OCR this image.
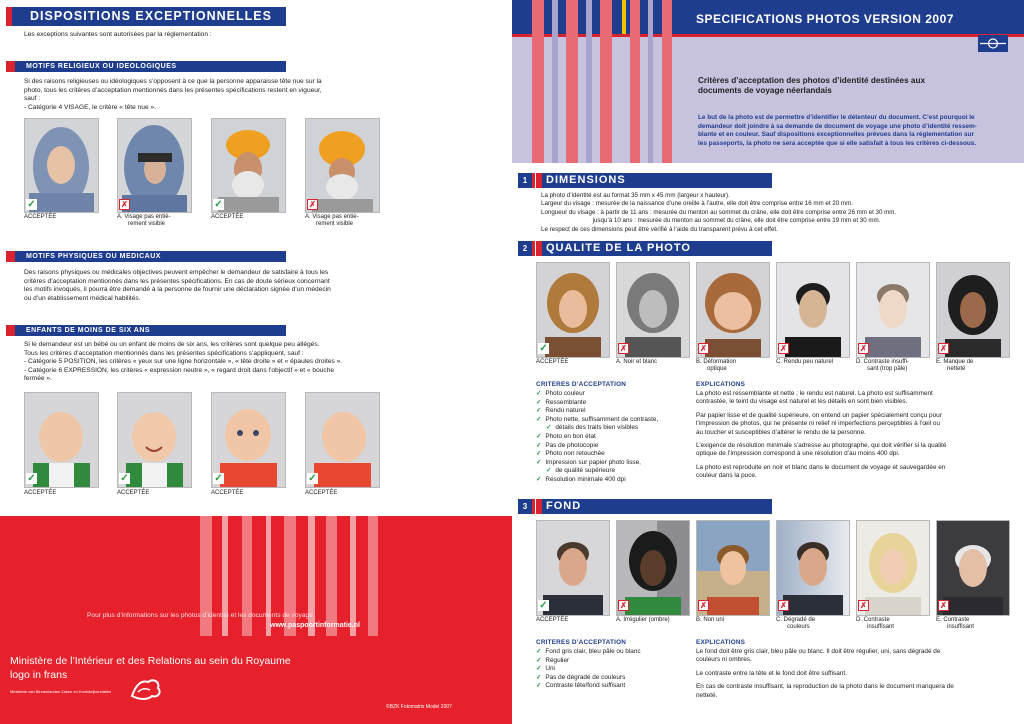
DISPOSITIONS EXCEPTIONNELLES
Les exceptions suivantes sont autorisées par la réglementation :
MOTIFS RELIGIEUX OU IDEOLOGIQUES
Si des raisons religieuses ou idéologiques s’opposent à ce que la personne apparaisse tête nue sur la
photo, tous les critères d’acceptation mentionnés dans les présentes spécifications restent en vigueur,
sauf :
- Catégorie 4 VISAGE, le critère « tête nue ».
✓
ACCEPTÉE
✗
A. Visage pas entiè-
rement visible
✓
ACCEPTÉE
✗
A. Visage pas entiè-
rement visible
MOTIFS PHYSIQUES OU MEDICAUX
Des raisons physiques ou médicales objectives peuvent empêcher le demandeur de satisfaire à tous les
critères d’acceptation mentionnés dans les présentes spécifications. En cas de doute sérieux concernant
les motifs invoqués, il pourra être demandé à la personne de fournir une déclaration signée d’un médecin
ou d’un établissement médical habilités.
ENFANTS DE MOINS DE SIX ANS
Si le demandeur est un bébé ou un enfant de moins de six ans, les critères sont quelque peu allégés.
Tous les critères d’acceptation mentionnés dans les présentes spécifications s’appliquent, sauf :
- Catégorie 5 POSITION, les critères « yeux sur une ligne horizontale », « tête droite » et « épaules droites ».
- Catégorie 6 EXPRESSION, les critères « expression neutre », « regard droit dans l’objectif » et « bouche
fermée ».
✓
ACCEPTÉE
✓
ACCEPTÉE
✓
ACCEPTÉE
✓
ACCEPTÉE
Pour plus d’informations sur les photos d’identité et les documents de voyage
www.paspoortinformatie.nl
Ministère de l’Intérieur et des Relations au sein du Royaume
logo in frans
Ministerie van Binnenlandse Zaken en Koninkrijksrelaties
©BZK Fotomatrix Model 2007
SPECIFICATIONS PHOTOS VERSION 2007
Critères d’acceptation des photos d’identité destinées aux
documents de voyage néerlandais
Le but de la photo est de permettre d’identifier le détenteur du document. C’est pourquoi le
demandeur doit joindre à sa demande de document de voyage une photo d’identité ressem-
blante et en couleur. Sauf dispositions exceptionnelles prévues dans la réglementation sur
les passeports, la photo ne sera acceptée que si elle satisfait à tous les critères ci-dessous.
1	DIMENSIONS
La photo d’identité est au format 35 mm x 45 mm (largeur x hauteur).
Largeur du visage : mesurée de la naissance d’une oreille à l’autre, elle doit être comprise entre 16 mm et 20 mm.
Longueur du visage : à partir de 11 ans : mesurée du menton au sommet du crâne, elle doit être comprise entre 26 mm et 30 mm.
jusqu’à 10 ans : mesurée du menton au sommet du crâne, elle doit être comprise entre 19 mm et 30 mm.
Le respect de ces dimensions peut être vérifié à l’aide du transparent prévu à cet effet.
2	QUALITE DE LA PHOTO
✓
ACCEPTÉE
✗
A. Noir et blanc
✗
B. Déformation
optique
✗
C. Rendu peu naturel
✗
D. Contraste insuffi-
sant (trop pâle)
✗
E. Manque de
netteté
CRITERES D’ACCEPTATION
✓ Photo couleur
✓ Ressemblante
✓ Rendu naturel
✓ Photo nette, suffisamment de contraste,
✓ détails des traits bien visibles
✓ Photo en bon état
✓ Pas de photocopie
✓ Photo non retouchée
✓ Impression sur papier photo lisse,
✓ de qualité supérieure
✓ Résolution minimale 400 dpi
EXPLICATIONS
La photo est ressemblante et nette ; le rendu est naturel. La photo est suffisamment
contrastée, le teint du visage est naturel et les détails en sont bien visibles.
Par papier lisse et de qualité supérieure, on entend un papier spécialement conçu pour
l’impression de photos, qui ne présente ni relief ni imperfections perceptibles à l’œil ou
au toucher et susceptibles d’altérer le rendu de la personne.
L’exigence de résolution minimale s’adresse au photographe, qui doit vérifier si la qualité
optique de l’impression correspond à une résolution d’au moins 400 dpi.
La photo est reproduite en noir et blanc dans le document de voyage et sauvegardée en
couleur dans la puce.
3	FOND
✓
ACCEPTÉE
✗
A. Irrégulier (ombre)
✗
B. Non uni
✗
C. Dégradé de
couleurs
✗
D. Contraste
insuffisant
✗
E. Contraste
insuffisant
CRITERES D’ACCEPTATION
✓ Fond gris clair, bleu pâle ou blanc
✓ Régulier
✓ Uni
✓ Pas de dégradé de couleurs
✓ Contraste tête/fond suffisant
EXPLICATIONS
Le fond doit être gris clair, bleu pâle ou blanc. Il doit être régulier, uni, sans dégradé de
couleurs ni ombres.
Le contraste entre la tête et le fond doit être suffisant.
En cas de contraste insuffisant, la reproduction de la photo dans le document manquera de
netteté.
